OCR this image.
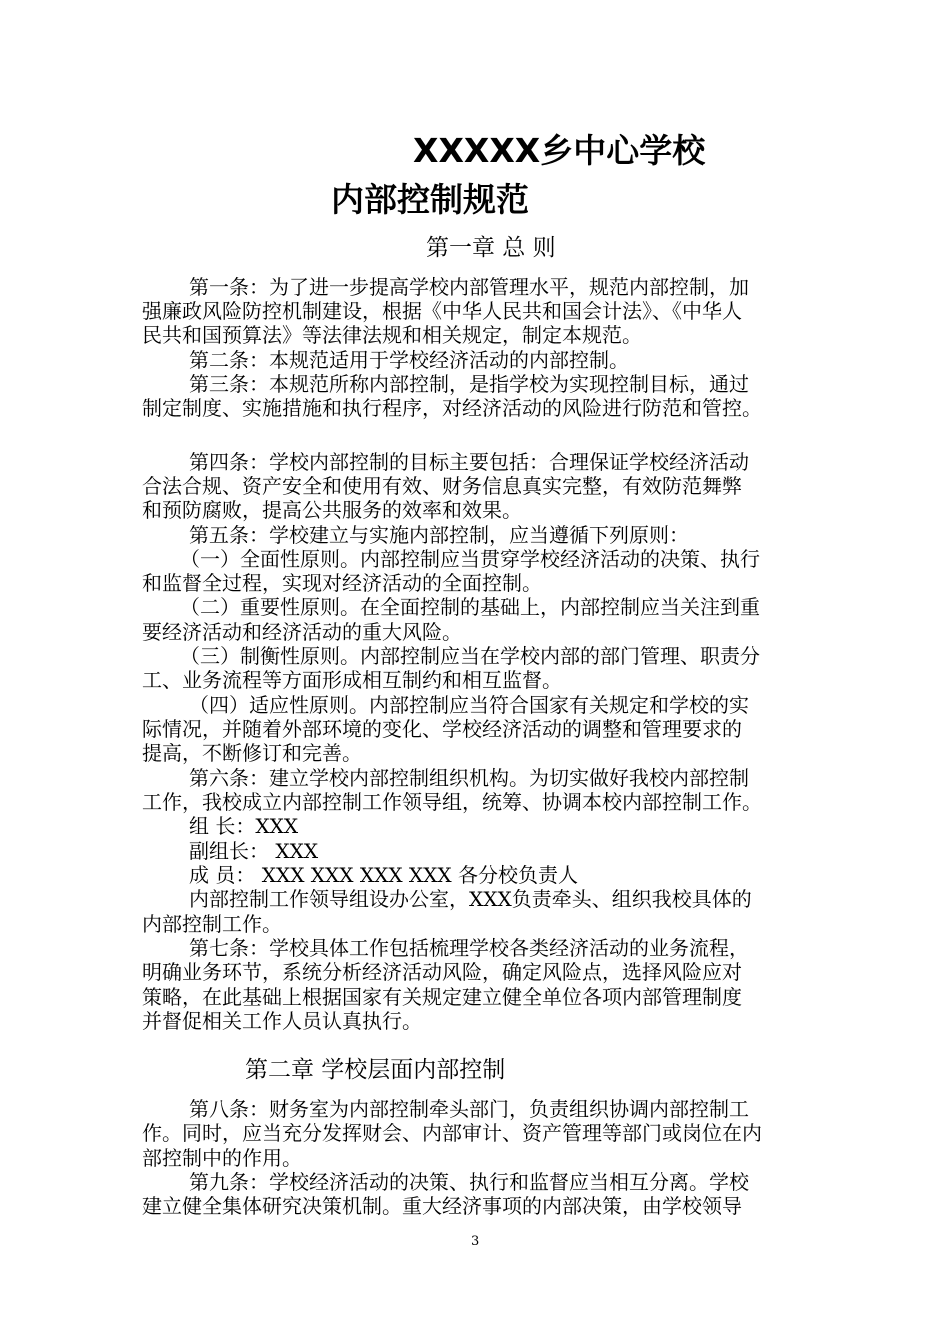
XXXXX乡中心学校
内部控制规范
第一章 总 则
第一条：为了进一步提高学校内部管理水平，规范内部控制，加
强廉政风险防控机制建设，根据《中华人民共和国会计法》、《中华人
民共和国预算法》等法律法规和相关规定，制定本规范。
第二条：本规范适用于学校经济活动的内部控制。
第三条：本规范所称内部控制，是指学校为实现控制目标，通过
制定制度、实施措施和执行程序，对经济活动的风险进行防范和管控。
第四条：学校内部控制的目标主要包括：合理保证学校经济活动
合法合规、资产安全和使用有效、财务信息真实完整，有效防范舞弊
和预防腐败，提高公共服务的效率和效果。
第五条：学校建立与实施内部控制，应当遵循下列原则：
（一）全面性原则。内部控制应当贯穿学校经济活动的决策、执行
和监督全过程，实现对经济活动的全面控制。
（二）重要性原则。在全面控制的基础上，内部控制应当关注到重
要经济活动和经济活动的重大风险。
（三）制衡性原则。内部控制应当在学校内部的部门管理、职责分
工、业务流程等方面形成相互制约和相互监督。
（四）适应性原则。内部控制应当符合国家有关规定和学校的实
际情况，并随着外部环境的变化、学校经济活动的调整和管理要求的
提高，不断修订和完善。
第六条：建立学校内部控制组织机构。为切实做好我校内部控制
工作，我校成立内部控制工作领导组，统筹、协调本校内部控制工作。
组 长：XXX
副组长： XXX
成 员： XXX XXX XXX XXX 各分校负责人
内部控制工作领导组设办公室，XXX负责牵头、组织我校具体的
内部控制工作。
第七条：学校具体工作包括梳理学校各类经济活动的业务流程，
明确业务环节，系统分析经济活动风险，确定风险点，选择风险应对
策略，在此基础上根据国家有关规定建立健全单位各项内部管理制度
并督促相关工作人员认真执行。
第二章 学校层面内部控制
第八条：财务室为内部控制牵头部门，负责组织协调内部控制工
作。同时，应当充分发挥财会、内部审计、资产管理等部门或岗位在内
部控制中的作用。
第九条：学校经济活动的决策、执行和监督应当相互分离。学校
建立健全集体研究决策机制。重大经济事项的内部决策，由学校领导
3
